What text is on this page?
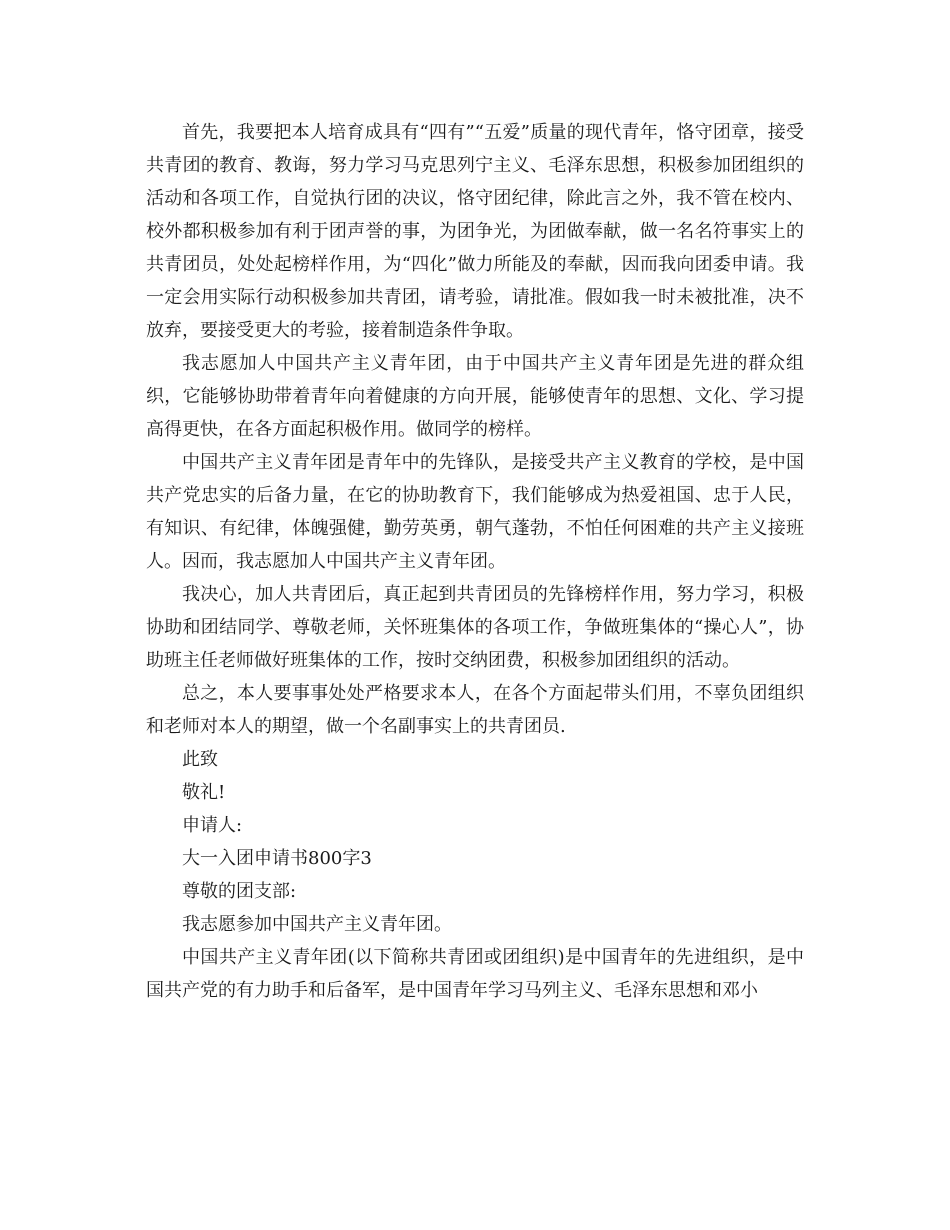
首先，我要把本人培育成具有“四有”“五爱”质量的现代青年，恪守团章，接受共青团的教育、教诲，努力学习马克思列宁主义、毛泽东思想，积极参加团组织的活动和各项工作，自觉执行团的决议，恪守团纪律，除此言之外，我不管在校内、校外都积极参加有利于团声誉的事，为团争光，为团做奉献，做一名名符事实上的共青团员，处处起榜样作用，为“四化”做力所能及的奉献，因而我向团委申请。我一定会用实际行动积极参加共青团，请考验，请批准。假如我一时未被批准，决不放弃，要接受更大的考验，接着制造条件争取。

我志愿加人中国共产主义青年团，由于中国共产主义青年团是先进的群众组织，它能够协助带着青年向着健康的方向开展，能够使青年的思想、文化、学习提高得更快，在各方面起积极作用。做同学的榜样。

中国共产主义青年团是青年中的先锋队，是接受共产主义教育的学校，是中国共产党忠实的后备力量，在它的协助教育下，我们能够成为热爱祖国、忠于人民，有知识、有纪律，体魄强健，勤劳英勇，朝气蓬勃，不怕任何困难的共产主义接班人。因而，我志愿加人中国共产主义青年团。

我决心，加人共青团后，真正起到共青团员的先锋榜样作用，努力学习，积极协助和团结同学、尊敬老师，关怀班集体的各项工作，争做班集体的“操心人”，协助班主任老师做好班集体的工作，按时交纳团费，积极参加团组织的活动。

总之，本人要事事处处严格要求本人，在各个方面起带头们用，不辜负团组织和老师对本人的期望，做一个名副事实上的共青团员.

此致

敬礼!

申请人:

大一入团申请书800字3

尊敬的团支部:

我志愿参加中国共产主义青年团。

中国共产主义青年团(以下简称共青团或团组织)是中国青年的先进组织，是中国共产党的有力助手和后备军，是中国青年学习马列主义、毛泽东思想和邓小
